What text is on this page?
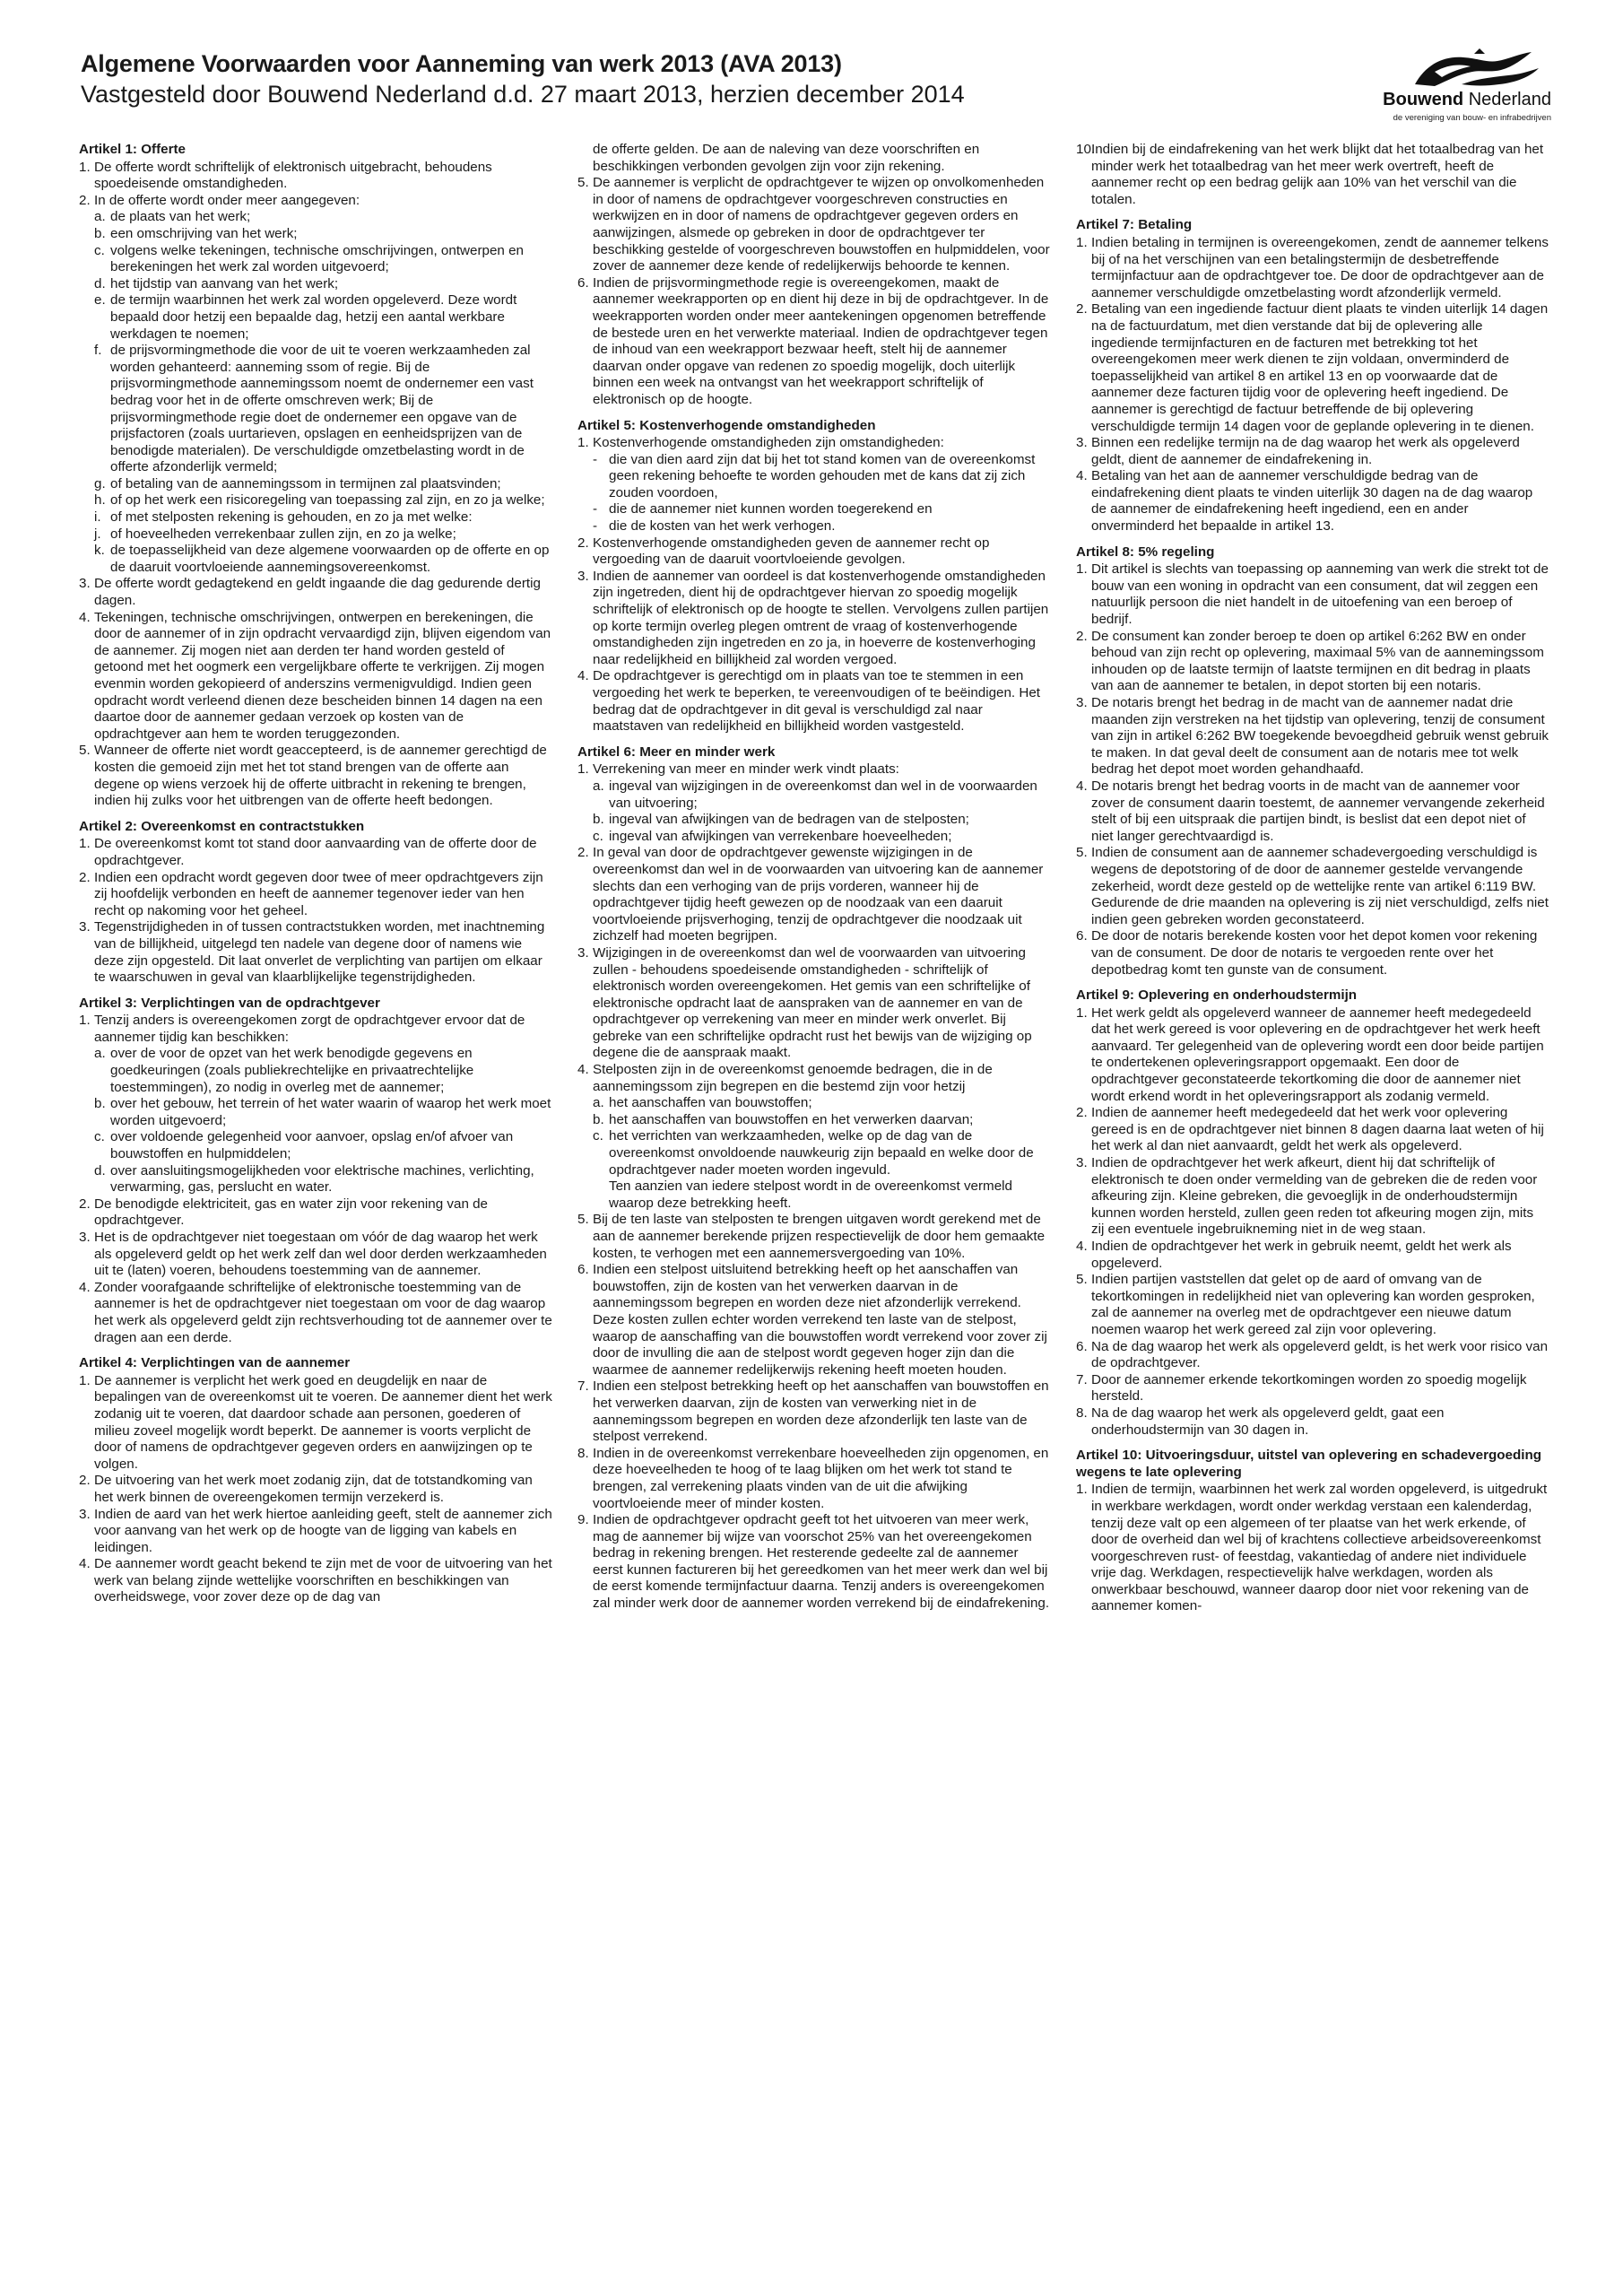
Algemene Voorwaarden voor Aanneming van werk 2013 (AVA 2013)
Vastgesteld door Bouwend Nederland d.d. 27 maart 2013, herzien december 2014	Bouwend Nederland
de vereniging van bouw- en infrabedrijven
Artikel 1: Offerte
1. De offerte wordt schriftelijk of elektronisch uitgebracht, behoudens spoedeisende omstandigheden.
2. In de offerte wordt onder meer aangegeven:
a. de plaats van het werk;
b. een omschrijving van het werk;
c. volgens welke tekeningen, technische omschrijvingen, ontwerpen en berekeningen het werk zal worden uitgevoerd;
d. het tijdstip van aanvang van het werk;
e. de termijn waarbinnen het werk zal worden opgeleverd. Deze wordt bepaald door hetzij een bepaalde dag, hetzij een aantal werkbare werkdagen te noemen;
f. de prijsvormingmethode die voor de uit te voeren werkzaamheden zal worden gehanteerd: aanneming ssom of regie. Bij de prijsvormingmethode aannemingssom noemt de ondernemer een vast bedrag voor het in de offerte omschreven werk; Bij de prijsvormingmethode regie doet de ondernemer een opgave van de prijsfactoren (zoals uurtarieven, opslagen en eenheidsprijzen van de benodigde materialen). De verschuldigde omzetbelasting wordt in de offerte afzonderlijk vermeld;
g. of betaling van de aannemingssom in termijnen zal plaatsvinden;
h. of op het werk een risicoregeling van toepassing zal zijn, en zo ja welke;
i. of met stelposten rekening is gehouden, en zo ja met welke:
j. of hoeveelheden verrekenbaar zullen zijn, en zo ja welke;
k. de toepasselijkheid van deze algemene voorwaarden op de offerte en op de daaruit voortvloeiende aannemingsovereenkomst.
3. De offerte wordt gedagtekend en geldt ingaande die dag gedurende dertig dagen.
4. Tekeningen, technische omschrijvingen, ontwerpen en berekeningen, die door de aannemer of in zijn opdracht vervaardigd zijn, blijven eigendom van de aannemer. Zij mogen niet aan derden ter hand worden gesteld of getoond met het oogmerk een vergelijkbare offerte te verkrijgen. Zij mogen evenmin worden gekopieerd of anderszins vermenigvuldigd. Indien geen opdracht wordt verleend dienen deze bescheiden binnen 14 dagen na een daartoe door de aannemer gedaan verzoek op kosten van de opdrachtgever aan hem te worden teruggezonden.
5. Wanneer de offerte niet wordt geaccepteerd, is de aannemer gerechtigd de kosten die gemoeid zijn met het tot stand brengen van de offerte aan degene op wiens verzoek hij de offerte uitbracht in rekening te brengen, indien hij zulks voor het uitbrengen van de offerte heeft bedongen.
Artikel 2: Overeenkomst en contractstukken
1. De overeenkomst komt tot stand door aanvaarding van de offerte door de opdrachtgever.
2. Indien een opdracht wordt gegeven door twee of meer opdrachtgevers zijn zij hoofdelijk verbonden en heeft de aannemer tegenover ieder van hen recht op nakoming voor het geheel.
3. Tegenstrijdigheden in of tussen contractstukken worden, met inachtneming van de billijkheid, uitgelegd ten nadele van degene door of namens wie deze zijn opgesteld. Dit laat onverlet de verplichting van partijen om elkaar te waarschuwen in geval van klaarblijkelijke tegenstrijdigheden.
Artikel 3: Verplichtingen van de opdrachtgever
1. Tenzij anders is overeengekomen zorgt de opdrachtgever ervoor dat de aannemer tijdig kan beschikken:
a. over de voor de opzet van het werk benodigde gegevens en goedkeuringen (zoals publiekrechtelijke en privaatrechtelijke toestemmingen), zo nodig in overleg met de aannemer;
b. over het gebouw, het terrein of het water waarin of waarop het werk moet worden uitgevoerd;
c. over voldoende gelegenheid voor aanvoer, opslag en/of afvoer van bouwstoffen en hulpmiddelen;
d. over aansluitingsmogelijkheden voor elektrische machines, verlichting, verwarming, gas, perslucht en water.
2. De benodigde elektriciteit, gas en water zijn voor rekening van de opdrachtgever.
3. Het is de opdrachtgever niet toegestaan om vóór de dag waarop het werk als opgeleverd geldt op het werk zelf dan wel door derden werkzaamheden uit te (laten) voeren, behoudens toestemming van de aannemer.
4. Zonder voorafgaande schriftelijke of elektronische toestemming van de aannemer is het de opdrachtgever niet toegestaan om voor de dag waarop het werk als opgeleverd geldt zijn rechtsverhouding tot de aannemer over te dragen aan een derde.
Artikel 4: Verplichtingen van de aannemer
1. De aannemer is verplicht het werk goed en deugdelijk en naar de bepalingen van de overeenkomst uit te voeren. De aannemer dient het werk zodanig uit te voeren, dat daardoor schade aan personen, goederen of milieu zoveel mogelijk wordt beperkt. De aannemer is voorts verplicht de door of namens de opdrachtgever gegeven orders en aanwijzingen op te volgen.
2. De uitvoering van het werk moet zodanig zijn, dat de totstandkoming van het werk binnen de overeengekomen termijn verzekerd is.
3. Indien de aard van het werk hiertoe aanleiding geeft, stelt de aannemer zich voor aanvang van het werk op de hoogte van de ligging van kabels en leidingen.
4. De aannemer wordt geacht bekend te zijn met de voor de uitvoering van het werk van belang zijnde wettelijke voorschriften en beschikkingen van overheidswege, voor zover deze op de dag van
de offerte gelden. De aan de naleving van deze voorschriften en beschikkingen verbonden gevolgen zijn voor zijn rekening.
5. De aannemer is verplicht de opdrachtgever te wijzen op onvolkomenheden in door of namens de opdrachtgever voorgeschreven constructies en werkwijzen en in door of namens de opdrachtgever gegeven orders en aanwijzingen, alsmede op gebreken in door de opdrachtgever ter beschikking gestelde of voorgeschreven bouwstoffen en hulpmiddelen, voor zover de aannemer deze kende of redelijkerwijs behoorde te kennen.
6. Indien de prijsvormingmethode regie is overeengekomen, maakt de aannemer weekrapporten op en dient hij deze in bij de opdrachtgever. In de weekrapporten worden onder meer aantekeningen opgenomen betreffende de bestede uren en het verwerkte materiaal. Indien de opdrachtgever tegen de inhoud van een weekrapport bezwaar heeft, stelt hij de aannemer daarvan onder opgave van redenen zo spoedig mogelijk, doch uiterlijk binnen een week na ontvangst van het weekrapport schriftelijk of elektronisch op de hoogte.
Artikel 5: Kostenverhogende omstandigheden
1. Kostenverhogende omstandigheden zijn omstandigheden:
- die van dien aard zijn dat bij het tot stand komen van de overeenkomst geen rekening behoefte te worden gehouden met de kans dat zij zich zouden voordoen,
- die de aannemer niet kunnen worden toegerekend en
- die de kosten van het werk verhogen.
2. Kostenverhogende omstandigheden geven de aannemer recht op vergoeding van de daaruit voortvloeiende gevolgen.
3. Indien de aannemer van oordeel is dat kostenverhogende omstandigheden zijn ingetreden, dient hij de opdrachtgever hiervan zo spoedig mogelijk schriftelijk of elektronisch op de hoogte te stellen. Vervolgens zullen partijen op korte termijn overleg plegen omtrent de vraag of kostenverhogende omstandigheden zijn ingetreden en zo ja, in hoeverre de kostenverhoging naar redelijkheid en billijkheid zal worden vergoed.
4. De opdrachtgever is gerechtigd om in plaats van toe te stemmen in een vergoeding het werk te beperken, te vereenvoudigen of te beëindigen. Het bedrag dat de opdrachtgever in dit geval is verschuldigd zal naar maatstaven van redelijkheid en billijkheid worden vastgesteld.
Artikel 6: Meer en minder werk
1. Verrekening van meer en minder werk vindt plaats:
a. ingeval van wijzigingen in de overeenkomst dan wel in de voorwaarden van uitvoering;
b. ingeval van afwijkingen van de bedragen van de stelposten;
c. ingeval van afwijkingen van verrekenbare hoeveelheden;
2. In geval van door de opdrachtgever gewenste wijzigingen in de overeenkomst dan wel in de voorwaarden van uitvoering kan de aannemer slechts dan een verhoging van de prijs vorderen, wanneer hij de opdrachtgever tijdig heeft gewezen op de noodzaak van een daaruit voortvloeiende prijsverhoging, tenzij de opdrachtgever die noodzaak uit zichzelf had moeten begrijpen.
3. Wijzigingen in de overeenkomst dan wel de voorwaarden van uitvoering zullen - behoudens spoedeisende omstandigheden - schriftelijk of elektronisch worden overeengekomen. Het gemis van een schriftelijke of elektronische opdracht laat de aanspraken van de aannemer en van de opdrachtgever op verrekening van meer en minder werk onverlet. Bij gebreke van een schriftelijke opdracht rust het bewijs van de wijziging op degene die de aanspraak maakt.
4. Stelposten zijn in de overeenkomst genoemde bedragen, die in de aannemingssom zijn begrepen en die bestemd zijn voor hetzij
a. het aanschaffen van bouwstoffen;
b. het aanschaffen van bouwstoffen en het verwerken daarvan;
c. het verrichten van werkzaamheden, welke op de dag van de overeenkomst onvoldoende nauwkeurig zijn bepaald en welke door de opdrachtgever nader moeten worden ingevuld.
Ten aanzien van iedere stelpost wordt in de overeenkomst vermeld waarop deze betrekking heeft.
5. Bij de ten laste van stelposten te brengen uitgaven wordt gerekend met de aan de aannemer berekende prijzen respectievelijk de door hem gemaakte kosten, te verhogen met een aannemersvergoeding van 10%.
6. Indien een stelpost uitsluitend betrekking heeft op het aanschaffen van bouwstoffen, zijn de kosten van het verwerken daarvan in de aannemingssom begrepen en worden deze niet afzonderlijk verrekend. Deze kosten zullen echter worden verrekend ten laste van de stelpost, waarop de aanschaffing van die bouwstoffen wordt verrekend voor zover zij door de invulling die aan de stelpost wordt gegeven hoger zijn dan die waarmee de aannemer redelijkerwijs rekening heeft moeten houden.
7. Indien een stelpost betrekking heeft op het aanschaffen van bouwstoffen en het verwerken daarvan, zijn de kosten van verwerking niet in de aannemingssom begrepen en worden deze afzonderlijk ten laste van de stelpost verrekend.
8. Indien in de overeenkomst verrekenbare hoeveelheden zijn opgenomen, en deze hoeveelheden te hoog of te laag blijken om het werk tot stand te brengen, zal verrekening plaats vinden van de uit die afwijking voortvloeiende meer of minder kosten.
9. Indien de opdrachtgever opdracht geeft tot het uitvoeren van meer werk, mag de aannemer bij wijze van voorschot 25% van het overeengekomen bedrag in rekening brengen. Het resterende gedeelte zal de aannemer eerst kunnen factureren bij het gereedkomen van het meer werk dan wel bij de eerst komende termijnfactuur daarna. Tenzij anders is overeengekomen zal minder werk door de aannemer worden verrekend bij de eindafrekening.
10.
Indien bij de eindafrekening van het werk blijkt dat het totaalbedrag van het minder werk het totaalbedrag van het meer werk overtreft, heeft de aannemer recht op een bedrag gelijk aan 10% van het verschil van die totalen.
Artikel 7: Betaling
1. Indien betaling in termijnen is overeengekomen, zendt de aannemer telkens bij of na het verschijnen van een betalingstermijn de desbetreffende termijnfactuur aan de opdrachtgever toe. De door de opdrachtgever aan de aannemer verschuldigde omzetbelasting wordt afzonderlijk vermeld.
2. Betaling van een ingediende factuur dient plaats te vinden uiterlijk 14 dagen na de factuurdatum, met dien verstande dat bij de oplevering alle ingediende termijnfacturen en de facturen met betrekking tot het overeengekomen meer werk dienen te zijn voldaan, onverminderd de toepasselijkheid van artikel 8 en artikel 13 en op voorwaarde dat de aannemer deze facturen tijdig voor de oplevering heeft ingediend. De aannemer is gerechtigd de factuur betreffende de bij oplevering verschuldigde termijn 14 dagen voor de geplande oplevering in te dienen.
3. Binnen een redelijke termijn na de dag waarop het werk als opgeleverd geldt, dient de aannemer de eindafrekening in.
4. Betaling van het aan de aannemer verschuldigde bedrag van de eindafrekening dient plaats te vinden uiterlijk 30 dagen na de dag waarop de aannemer de eindafrekening heeft ingediend, een en ander onverminderd het bepaalde in artikel 13.
Artikel 8: 5% regeling
1. Dit artikel is slechts van toepassing op aanneming van werk die strekt tot de bouw van een woning in opdracht van een consument, dat wil zeggen een natuurlijk persoon die niet handelt in de uitoefening van een beroep of bedrijf.
2. De consument kan zonder beroep te doen op artikel 6:262 BW en onder behoud van zijn recht op oplevering, maximaal 5% van de aannemingssom inhouden op de laatste termijn of laatste termijnen en dit bedrag in plaats van aan de aannemer te betalen, in depot storten bij een notaris.
3. De notaris brengt het bedrag in de macht van de aannemer nadat drie maanden zijn verstreken na het tijdstip van oplevering, tenzij de consument van zijn in artikel 6:262 BW toegekende bevoegdheid gebruik wenst gebruik te maken. In dat geval deelt de consument aan de notaris mee tot welk bedrag het depot moet worden gehandhaafd.
4. De notaris brengt het bedrag voorts in de macht van de aannemer voor zover de consument daarin toestemt, de aannemer vervangende zekerheid stelt of bij een uitspraak die partijen bindt, is beslist dat een depot niet of niet langer gerechtvaardigd is.
5. Indien de consument aan de aannemer schadevergoeding verschuldigd is wegens de depotstoring of de door de aannemer gestelde vervangende zekerheid, wordt deze gesteld op de wettelijke rente van artikel 6:119 BW. Gedurende de drie maanden na oplevering is zij niet verschuldigd, zelfs niet indien geen gebreken worden geconstateerd.
6. De door de notaris berekende kosten voor het depot komen voor rekening van de consument. De door de notaris te vergoeden rente over het depotbedrag komt ten gunste van de consument.
Artikel 9: Oplevering en onderhoudstermijn
1. Het werk geldt als opgeleverd wanneer de aannemer heeft medegedeeld dat het werk gereed is voor oplevering en de opdrachtgever het werk heeft aanvaard. Ter gelegenheid van de oplevering wordt een door beide partijen te ondertekenen opleveringsrapport opgemaakt. Een door de opdrachtgever geconstateerde tekortkoming die door de aannemer niet wordt erkend wordt in het opleveringsrapport als zodanig vermeld.
2. Indien de aannemer heeft medegedeeld dat het werk voor oplevering gereed is en de opdrachtgever niet binnen 8 dagen daarna laat weten of hij het werk al dan niet aanvaardt, geldt het werk als opgeleverd.
3. Indien de opdrachtgever het werk afkeurt, dient hij dat schriftelijk of elektronisch te doen onder vermelding van de gebreken die de reden voor afkeuring zijn. Kleine gebreken, die gevoeglijk in de onderhoudstermijn kunnen worden hersteld, zullen geen reden tot afkeuring mogen zijn, mits zij een eventuele ingebruikneming niet in de weg staan.
4. Indien de opdrachtgever het werk in gebruik neemt, geldt het werk als opgeleverd.
5. Indien partijen vaststellen dat gelet op de aard of omvang van de tekortkomingen in redelijkheid niet van oplevering kan worden gesproken, zal de aannemer na overleg met de opdrachtgever een nieuwe datum noemen waarop het werk gereed zal zijn voor oplevering.
6. Na de dag waarop het werk als opgeleverd geldt, is het werk voor risico van de opdrachtgever.
7. Door de aannemer erkende tekortkomingen worden zo spoedig mogelijk hersteld.
8. Na de dag waarop het werk als opgeleverd geldt, gaat een onderhoudstermijn van 30 dagen in.
Artikel 10: Uitvoeringsduur, uitstel van oplevering en schadevergoeding wegens te late oplevering
1. Indien de termijn, waarbinnen het werk zal worden opgeleverd, is uitgedrukt in werkbare werkdagen, wordt onder werkdag verstaan een kalenderdag, tenzij deze valt op een algemeen of ter plaatse van het werk erkende, of door de overheid dan wel bij of krachtens collectieve arbeidsovereenkomst voorgeschreven rust- of feestdag, vakantiedag of andere niet individuele vrije dag. Werkdagen, respectievelijk halve werkdagen, worden als onwerkbaar beschouwd, wanneer daarop door niet voor rekening van de aannemer komen-
